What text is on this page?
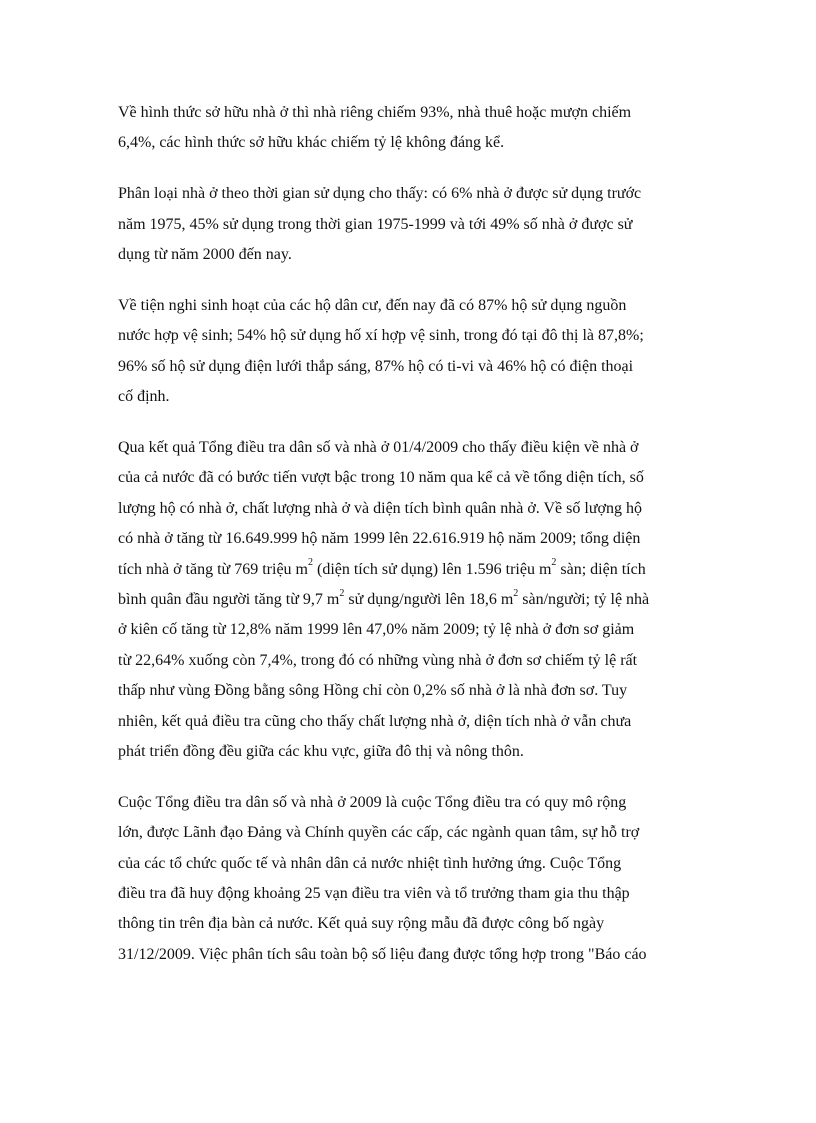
Về hình thức sở hữu nhà ở thì nhà riêng chiếm 93%, nhà thuê hoặc mượn chiếm
6,4%, các hình thức sở hữu khác chiếm tỷ lệ không đáng kể.

Phân loại nhà ở theo thời gian sử dụng cho thấy: có 6% nhà ở được sử dụng trước
năm 1975, 45% sử dụng trong thời gian 1975-1999 và tới 49% số nhà ở được sử
dụng từ năm 2000 đến nay.

Về tiện nghi sinh hoạt của các hộ dân cư, đến nay đã có 87% hộ sử dụng nguồn
nước hợp vệ sinh; 54% hộ sử dụng hố xí hợp vệ sinh, trong đó tại đô thị là 87,8%;
96% số hộ sử dụng điện lưới thắp sáng, 87% hộ có ti-vi và 46% hộ có điện thoại
cố định.

Qua kết quả Tổng điều tra dân số và nhà ở 01/4/2009 cho thấy điều kiện về nhà ở
của cả nước đã có bước tiến vượt bậc trong 10 năm qua kể cả về tổng diện tích, số
lượng hộ có nhà ở, chất lượng nhà ở và diện tích bình quân nhà ở. Về số lượng hộ
có nhà ở tăng từ 16.649.999 hộ năm 1999 lên 22.616.919 hộ năm 2009; tổng diện
tích nhà ở tăng từ 769 triệu $m^2$ (diện tích sử dụng) lên 1.596 triệu $m^2$ sàn; diện tích
bình quân đầu người tăng từ 9,7 $m^2$ sử dụng/người lên 18,6 $m^2$ sàn/người; tỷ lệ nhà
ở kiên cố tăng từ 12,8% năm 1999 lên 47,0% năm 2009; tỷ lệ nhà ở đơn sơ giảm
từ 22,64% xuống còn 7,4%, trong đó có những vùng nhà ở đơn sơ chiếm tỷ lệ rất
thấp như vùng Đồng bằng sông Hồng chỉ còn 0,2% số nhà ở là nhà đơn sơ. Tuy
nhiên, kết quả điều tra cũng cho thấy chất lượng nhà ở, diện tích nhà ở vẫn chưa
phát triển đồng đều giữa các khu vực, giữa đô thị và nông thôn.

Cuộc Tổng điều tra dân số và nhà ở 2009 là cuộc Tổng điều tra có quy mô rộng
lớn, được Lãnh đạo Đảng và Chính quyền các cấp, các ngành quan tâm, sự hỗ trợ
của các tổ chức quốc tế và nhân dân cả nước nhiệt tình hưởng ứng. Cuộc Tổng
điều tra đã huy động khoảng 25 vạn điều tra viên và tổ trưởng tham gia thu thập
thông tin trên địa bàn cả nước. Kết quả suy rộng mẫu đã được công bố ngày
31/12/2009. Việc phân tích sâu toàn bộ số liệu đang được tổng hợp trong "Báo cáo
